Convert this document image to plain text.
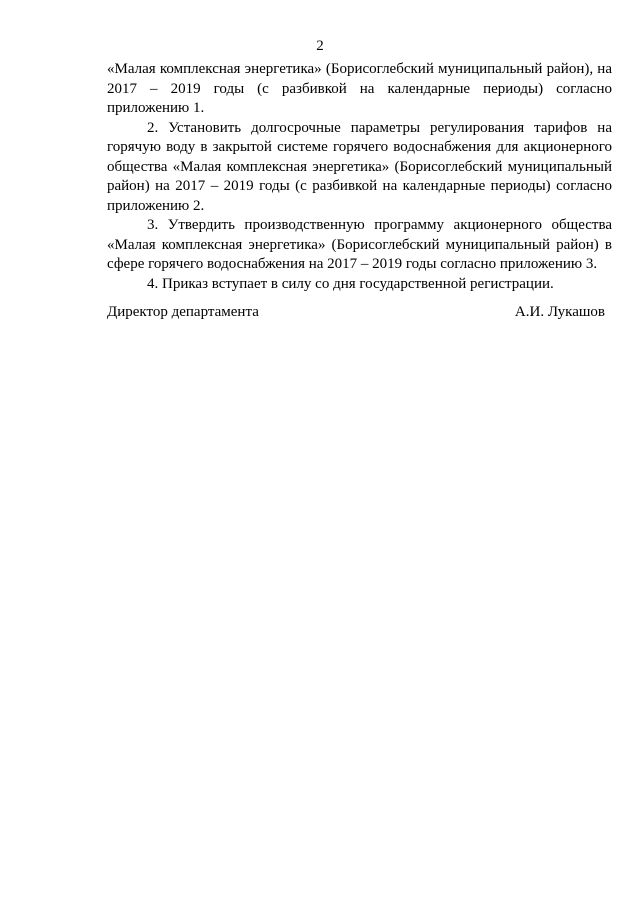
2

«Малая комплексная энергетика» (Борисоглебский муниципальный район), на 2017 – 2019 годы (с разбивкой на календарные периоды) согласно приложению 1.

2. Установить долгосрочные параметры регулирования тарифов на горячую воду в закрытой системе горячего водоснабжения для акционерного общества «Малая комплексная энергетика» (Борисоглебский муниципальный район) на 2017 – 2019 годы (с разбивкой на календарные периоды) согласно приложению 2.

3. Утвердить производственную программу акционерного общества «Малая комплексная энергетика» (Борисоглебский муниципальный район) в сфере горячего водоснабжения на 2017 – 2019 годы согласно приложению 3.

4. Приказ вступает в силу со дня государственной регистрации.

Директор департамента	А.И. Лукашов
